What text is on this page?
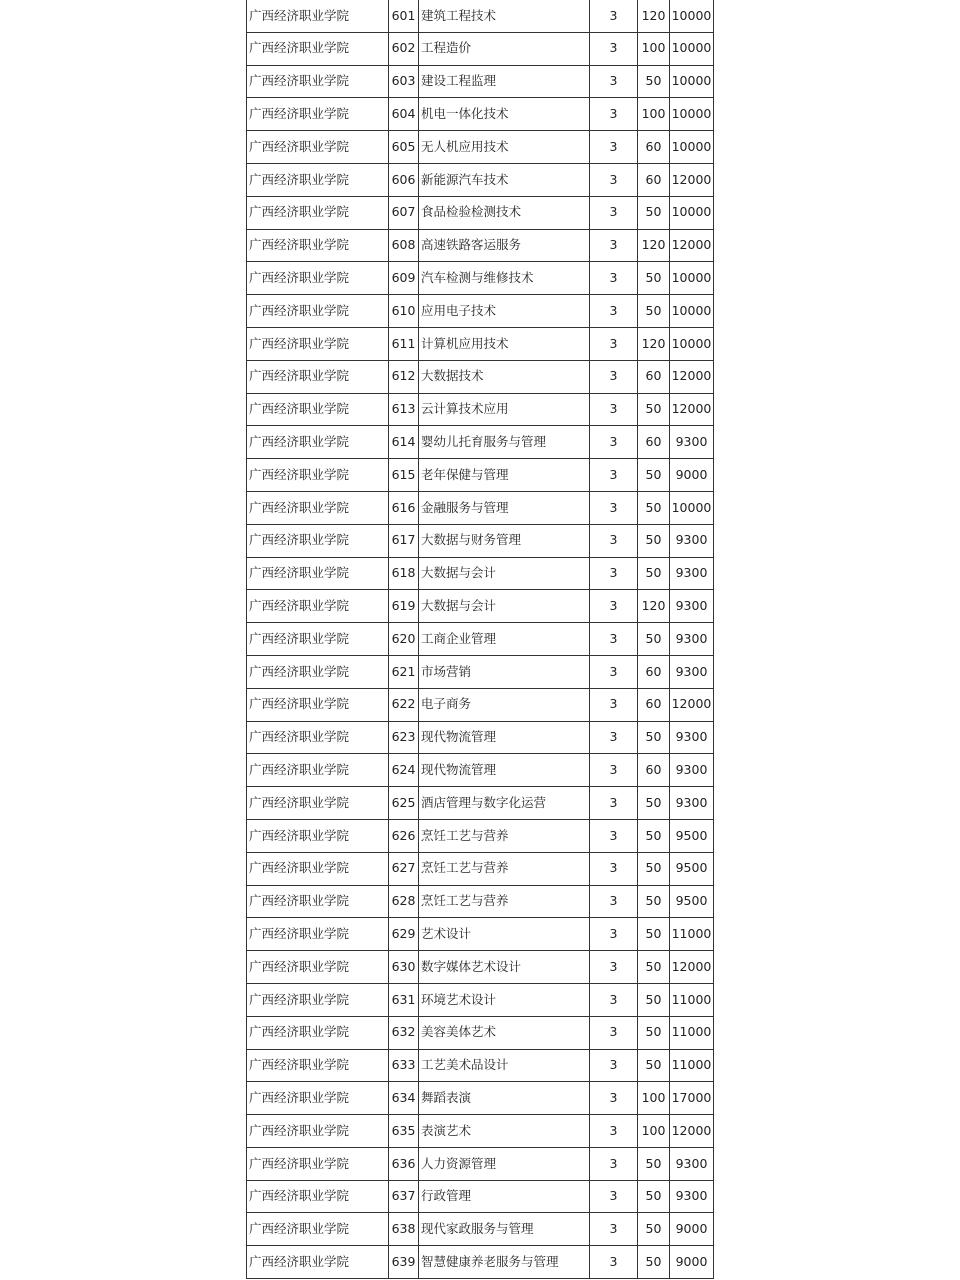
广西经济职业学院	601	建筑工程技术	3	120	10000
广西经济职业学院	602	工程造价	3	100	10000
广西经济职业学院	603	建设工程监理	3	50	10000
广西经济职业学院	604	机电一体化技术	3	100	10000
广西经济职业学院	605	无人机应用技术	3	60	10000
广西经济职业学院	606	新能源汽车技术	3	60	12000
广西经济职业学院	607	食品检验检测技术	3	50	10000
广西经济职业学院	608	高速铁路客运服务	3	120	12000
广西经济职业学院	609	汽车检测与维修技术	3	50	10000
广西经济职业学院	610	应用电子技术	3	50	10000
广西经济职业学院	611	计算机应用技术	3	120	10000
广西经济职业学院	612	大数据技术	3	60	12000
广西经济职业学院	613	云计算技术应用	3	50	12000
广西经济职业学院	614	婴幼儿托育服务与管理	3	60	9300
广西经济职业学院	615	老年保健与管理	3	50	9000
广西经济职业学院	616	金融服务与管理	3	50	10000
广西经济职业学院	617	大数据与财务管理	3	50	9300
广西经济职业学院	618	大数据与会计	3	50	9300
广西经济职业学院	619	大数据与会计	3	120	9300
广西经济职业学院	620	工商企业管理	3	50	9300
广西经济职业学院	621	市场营销	3	60	9300
广西经济职业学院	622	电子商务	3	60	12000
广西经济职业学院	623	现代物流管理	3	50	9300
广西经济职业学院	624	现代物流管理	3	60	9300
广西经济职业学院	625	酒店管理与数字化运营	3	50	9300
广西经济职业学院	626	烹饪工艺与营养	3	50	9500
广西经济职业学院	627	烹饪工艺与营养	3	50	9500
广西经济职业学院	628	烹饪工艺与营养	3	50	9500
广西经济职业学院	629	艺术设计	3	50	11000
广西经济职业学院	630	数字媒体艺术设计	3	50	12000
广西经济职业学院	631	环境艺术设计	3	50	11000
广西经济职业学院	632	美容美体艺术	3	50	11000
广西经济职业学院	633	工艺美术品设计	3	50	11000
广西经济职业学院	634	舞蹈表演	3	100	17000
广西经济职业学院	635	表演艺术	3	100	12000
广西经济职业学院	636	人力资源管理	3	50	9300
广西经济职业学院	637	行政管理	3	50	9300
广西经济职业学院	638	现代家政服务与管理	3	50	9000
广西经济职业学院	639	智慧健康养老服务与管理	3	50	9000
